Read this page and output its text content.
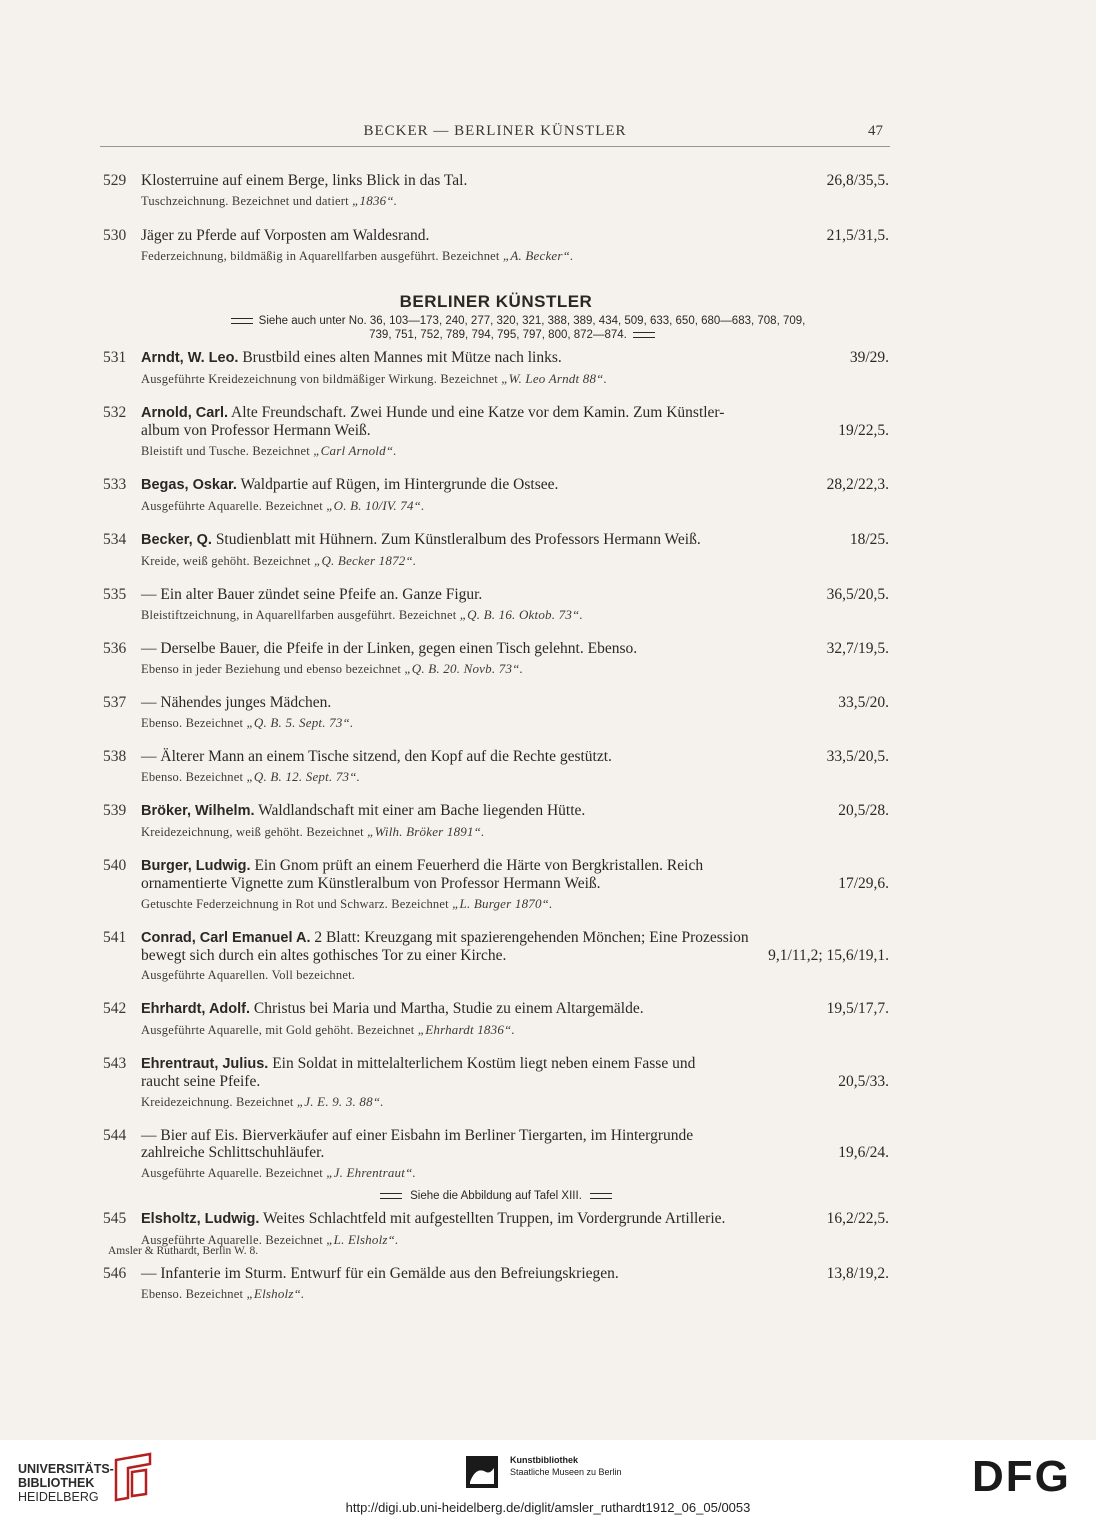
BECKER — BERLINER KÜNSTLER	47
529 Klosterruine auf einem Berge, links Blick in das Tal.	26,8/35,5.
Tuschzeichnung. Bezeichnet und datiert „1836“.
530 Jäger zu Pferde auf Vorposten am Waldesrand.	21,5/31,5.
Federzeichnung, bildmäßig in Aquarellfarben ausgeführt. Bezeichnet „A. Becker“.
BERLINER KÜNSTLER
Siehe auch unter No. 36, 103—173, 240, 277, 320, 321, 388, 389, 434, 509, 633, 650, 680—683, 708, 709,
739, 751, 752, 789, 794, 795, 797, 800, 872—874.
531	Arndt, W. Leo. Brustbild eines alten Mannes mit Mütze nach links.	39/29.
Ausgeführte Kreidezeichnung von bildmäßiger Wirkung. Bezeichnet „W. Leo Arndt 88“.
532	Arnold, Carl. Alte Freundschaft. Zwei Hunde und eine Katze vor dem Kamin. Zum Künstler-
album von Professor Hermann Weiß.	19/22,5.
Bleistift und Tusche. Bezeichnet „Carl Arnold“.
533	Begas, Oskar. Waldpartie auf Rügen, im Hintergrunde die Ostsee.	28,2/22,3.
Ausgeführte Aquarelle. Bezeichnet „O. B. 10/IV. 74“.
534	Becker, Q. Studienblatt mit Hühnern. Zum Künstleralbum des Professors Hermann Weiß.	18/25.
Kreide, weiß gehöht. Bezeichnet „Q. Becker 1872“.
535 — Ein alter Bauer zündet seine Pfeife an. Ganze Figur.	36,5/20,5.
Bleistiftzeichnung, in Aquarellfarben ausgeführt. Bezeichnet „Q. B. 16. Oktob. 73“.
536 — Derselbe Bauer, die Pfeife in der Linken, gegen einen Tisch gelehnt. Ebenso.	32,7/19,5.
Ebenso in jeder Beziehung und ebenso bezeichnet „Q. B. 20. Novb. 73“.
537 — Nähendes junges Mädchen.	33,5/20.
Ebenso. Bezeichnet „Q. B. 5. Sept. 73“.
538 — Älterer Mann an einem Tische sitzend, den Kopf auf die Rechte gestützt.	33,5/20,5.
Ebenso. Bezeichnet „Q. B. 12. Sept. 73“.
539	Bröker, Wilhelm. Waldlandschaft mit einer am Bache liegenden Hütte.	20,5/28.
Kreidezeichnung, weiß gehöht. Bezeichnet „Wilh. Bröker 1891“.
540	Burger, Ludwig. Ein Gnom prüft an einem Feuerherd die Härte von Bergkristallen. Reich
ornamentierte Vignette zum Künstleralbum von Professor Hermann Weiß.	17/29,6.
Getuschte Federzeichnung in Rot und Schwarz. Bezeichnet „L. Burger 1870“.
541	Conrad, Carl Emanuel A. 2 Blatt: Kreuzgang mit spazierengehenden Mönchen; Eine Prozession
bewegt sich durch ein altes gothisches Tor zu einer Kirche.	9,1/11,2; 15,6/19,1.
Ausgeführte Aquarellen. Voll bezeichnet.
542	Ehrhardt, Adolf. Christus bei Maria und Martha, Studie zu einem Altargemälde.	19,5/17,7.
Ausgeführte Aquarelle, mit Gold gehöht. Bezeichnet „Ehrhardt 1836“.
543	Ehrentraut, Julius. Ein Soldat in mittelalterlichem Kostüm liegt neben einem Fasse und
raucht seine Pfeife.	20,5/33.
Kreidezeichnung. Bezeichnet „J. E. 9. 3. 88“.
544 — Bier auf Eis. Bierverkäufer auf einer Eisbahn im Berliner Tiergarten, im Hintergrunde
zahlreiche Schlittschuhläufer.	19,6/24.
Ausgeführte Aquarelle. Bezeichnet „J. Ehrentraut“.
Siehe die Abbildung auf Tafel XIII.
545	Elsholtz, Ludwig. Weites Schlachtfeld mit aufgestellten Truppen, im Vordergrunde Artillerie.	16,2/22,5.
Ausgeführte Aquarelle. Bezeichnet „L. Elsholz“.
546 — Infanterie im Sturm. Entwurf für ein Gemälde aus den Befreiungskriegen.	13,8/19,2.
Ebenso. Bezeichnet „Elsholz“.
Amsler & Ruthardt, Berlin W. 8.
UNIVERSITÄTS-
BIBLIOTHEK
HEIDELBERG
Kunstbibliothek
Staatliche Museen zu Berlin	DFG
http://digi.ub.uni-heidelberg.de/diglit/amsler_ruthardt1912_06_05/0053
